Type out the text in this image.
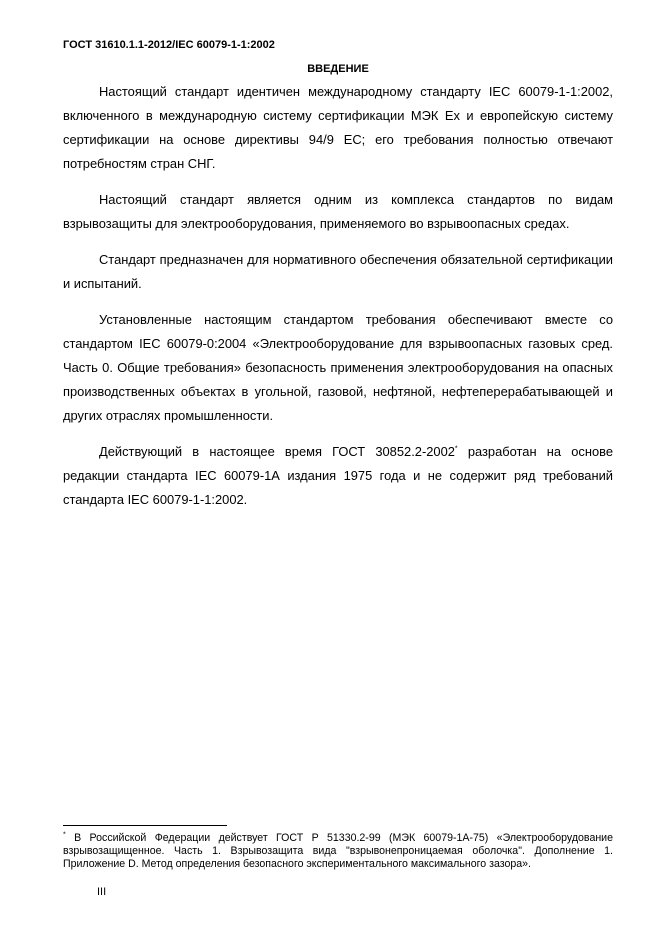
ГОСТ 31610.1.1-2012/IEC 60079-1-1:2002
ВВЕДЕНИЕ

Настоящий стандарт идентичен международному стандарту IEC 60079-1-1:2002, включенного в международную систему сертификации МЭК Ех и европейскую систему сертификации на основе директивы 94/9 ЕС; его требования полностью отвечают потребностям стран СНГ.

Настоящий стандарт является одним из комплекса стандартов по видам взрывозащиты для электрооборудования, применяемого во взрывоопасных средах.

Стандарт предназначен для нормативного обеспечения обязательной сертификации и испытаний.

Установленные настоящим стандартом требования обеспечивают вместе со стандартом IEC 60079-0:2004 «Электрооборудование для взрывоопасных газовых сред. Часть 0. Общие требования» безопасность применения электрооборудования на опасных производственных объектах в угольной, газовой, нефтяной, нефтеперерабатывающей и других отраслях промышленности.

Действующий в настоящее время ГОСТ 30852.2-2002* разработан на основе редакции стандарта IEC 60079-1А издания 1975 года и не содержит ряд требований стандарта IEC 60079-1-1:2002.

* В Российской Федерации действует ГОСТ Р 51330.2-99 (МЭК 60079-1А-75) «Электрооборудование взрывозащищенное. Часть 1. Взрывозащита вида "взрывонепроницаемая оболочка". Дополнение 1. Приложение D. Метод определения безопасного экспериментального максимального зазора».
III
